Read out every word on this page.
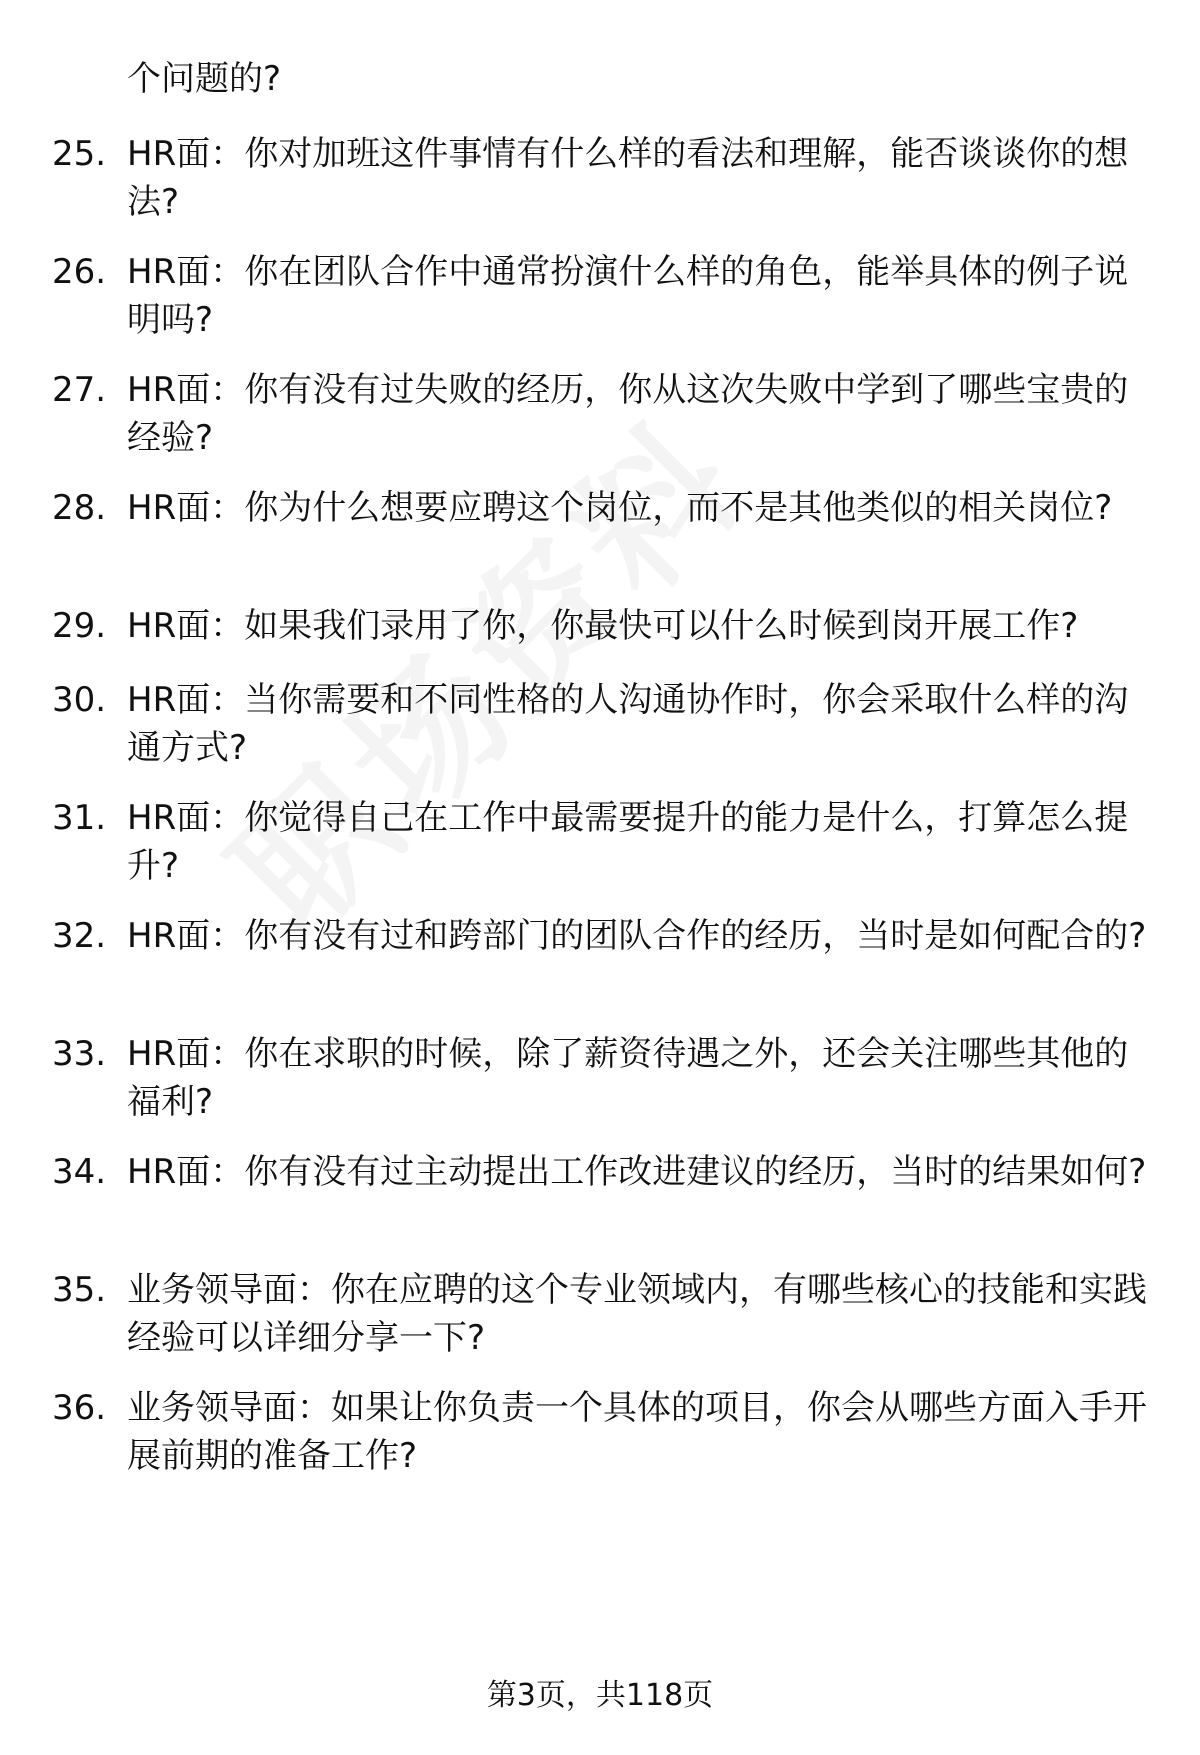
个问题的?

25. HR面：你对加班这件事情有什么样的看法和理解，能否谈谈你的想法?
26. HR面：你在团队合作中通常扮演什么样的角色，能举具体的例子说明吗?
27. HR面：你有没有过失败的经历，你从这次失败中学到了哪些宝贵的经验?
28. HR面：你为什么想要应聘这个岗位，而不是其他类似的相关岗位?
29. HR面：如果我们录用了你，你最快可以什么时候到岗开展工作?
30. HR面：当你需要和不同性格的人沟通协作时，你会采取什么样的沟通方式?
31. HR面：你觉得自己在工作中最需要提升的能力是什么，打算怎么提升?
32. HR面：你有没有过和跨部门的团队合作的经历，当时是如何配合的?
33. HR面：你在求职的时候，除了薪资待遇之外，还会关注哪些其他的福利?
34. HR面：你有没有过主动提出工作改进建议的经历，当时的结果如何?
35. 业务领导面：你在应聘的这个专业领域内，有哪些核心的技能和实践经验可以详细分享一下?
36. 业务领导面：如果让你负责一个具体的项目，你会从哪些方面入手开展前期的准备工作?
第3页，共118页
